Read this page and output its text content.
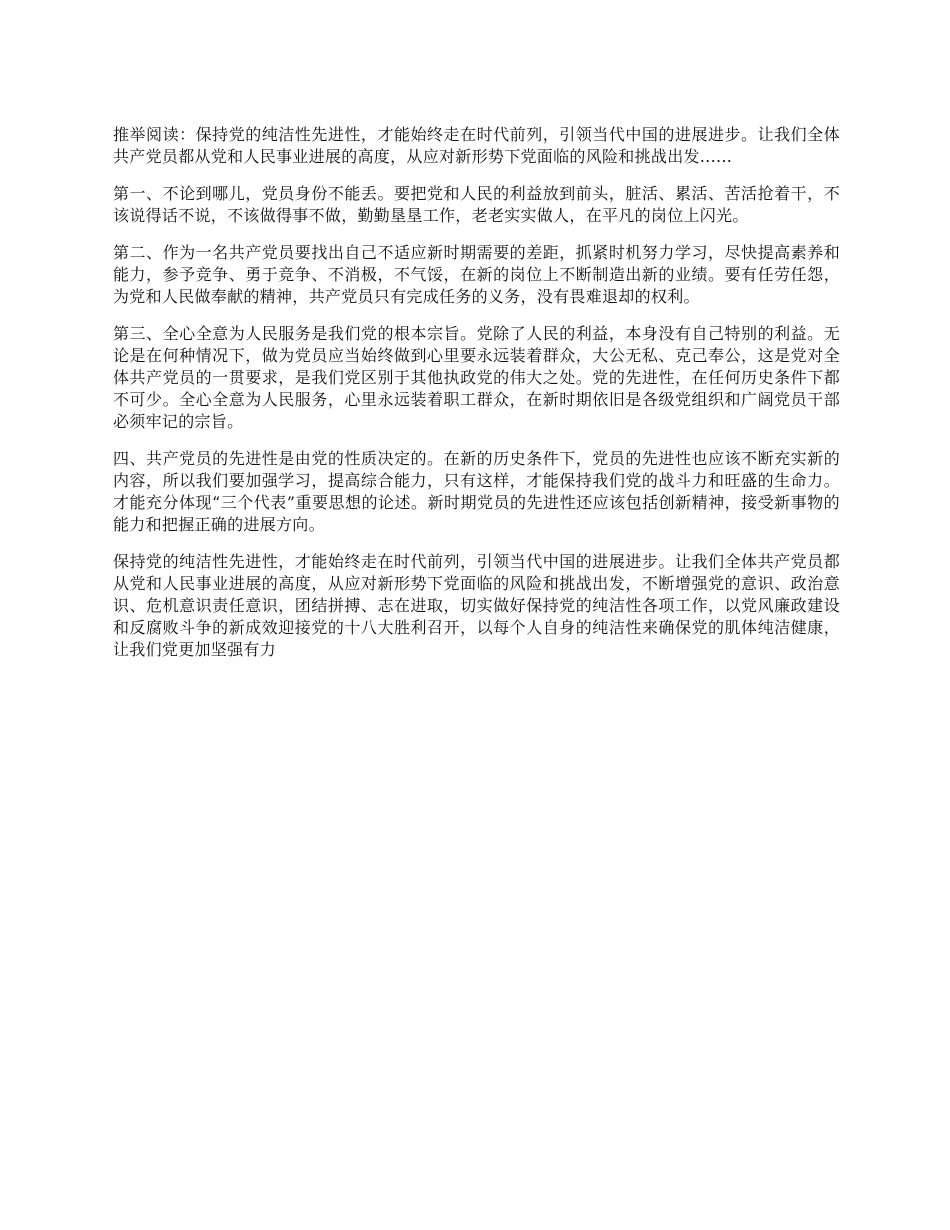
推举阅读：保持党的纯洁性先进性，才能始终走在时代前列，引领当代中国的进展进步。让我们全体共产党员都从党和人民事业进展的高度，从应对新形势下党面临的风险和挑战出发......

第一、不论到哪儿，党员身份不能丢。要把党和人民的利益放到前头，脏活、累活、苦活抢着干，不该说得话不说，不该做得事不做，勤勤垦垦工作，老老实实做人，在平凡的岗位上闪光。

第二、作为一名共产党员要找出自己不适应新时期需要的差距，抓紧时机努力学习，尽快提高素养和能力，参予竞争、勇于竞争、不消极，不气馁，在新的岗位上不断制造出新的业绩。要有任劳任怨，为党和人民做奉献的精神，共产党员只有完成任务的义务，没有畏难退却的权利。

第三、全心全意为人民服务是我们党的根本宗旨。党除了人民的利益，本身没有自己特别的利益。无论是在何种情况下，做为党员应当始终做到心里要永远装着群众，大公无私、克己奉公，这是党对全体共产党员的一贯要求，是我们党区别于其他执政党的伟大之处。党的先进性，在任何历史条件下都不可少。全心全意为人民服务，心里永远装着职工群众，在新时期依旧是各级党组织和广阔党员干部必须牢记的宗旨。

四、共产党员的先进性是由党的性质决定的。在新的历史条件下，党员的先进性也应该不断充实新的内容，所以我们要加强学习，提高综合能力，只有这样，才能保持我们党的战斗力和旺盛的生命力。才能充分体现“三个代表”重要思想的论述。新时期党员的先进性还应该包括创新精神，接受新事物的能力和把握正确的进展方向。

保持党的纯洁性先进性，才能始终走在时代前列，引领当代中国的进展进步。让我们全体共产党员都从党和人民事业进展的高度，从应对新形势下党面临的风险和挑战出发，不断增强党的意识、政治意识、危机意识责任意识，团结拼搏、志在进取，切实做好保持党的纯洁性各项工作，以党风廉政建设和反腐败斗争的新成效迎接党的十八大胜利召开，以每个人自身的纯洁性来确保党的肌体纯洁健康，让我们党更加坚强有力
